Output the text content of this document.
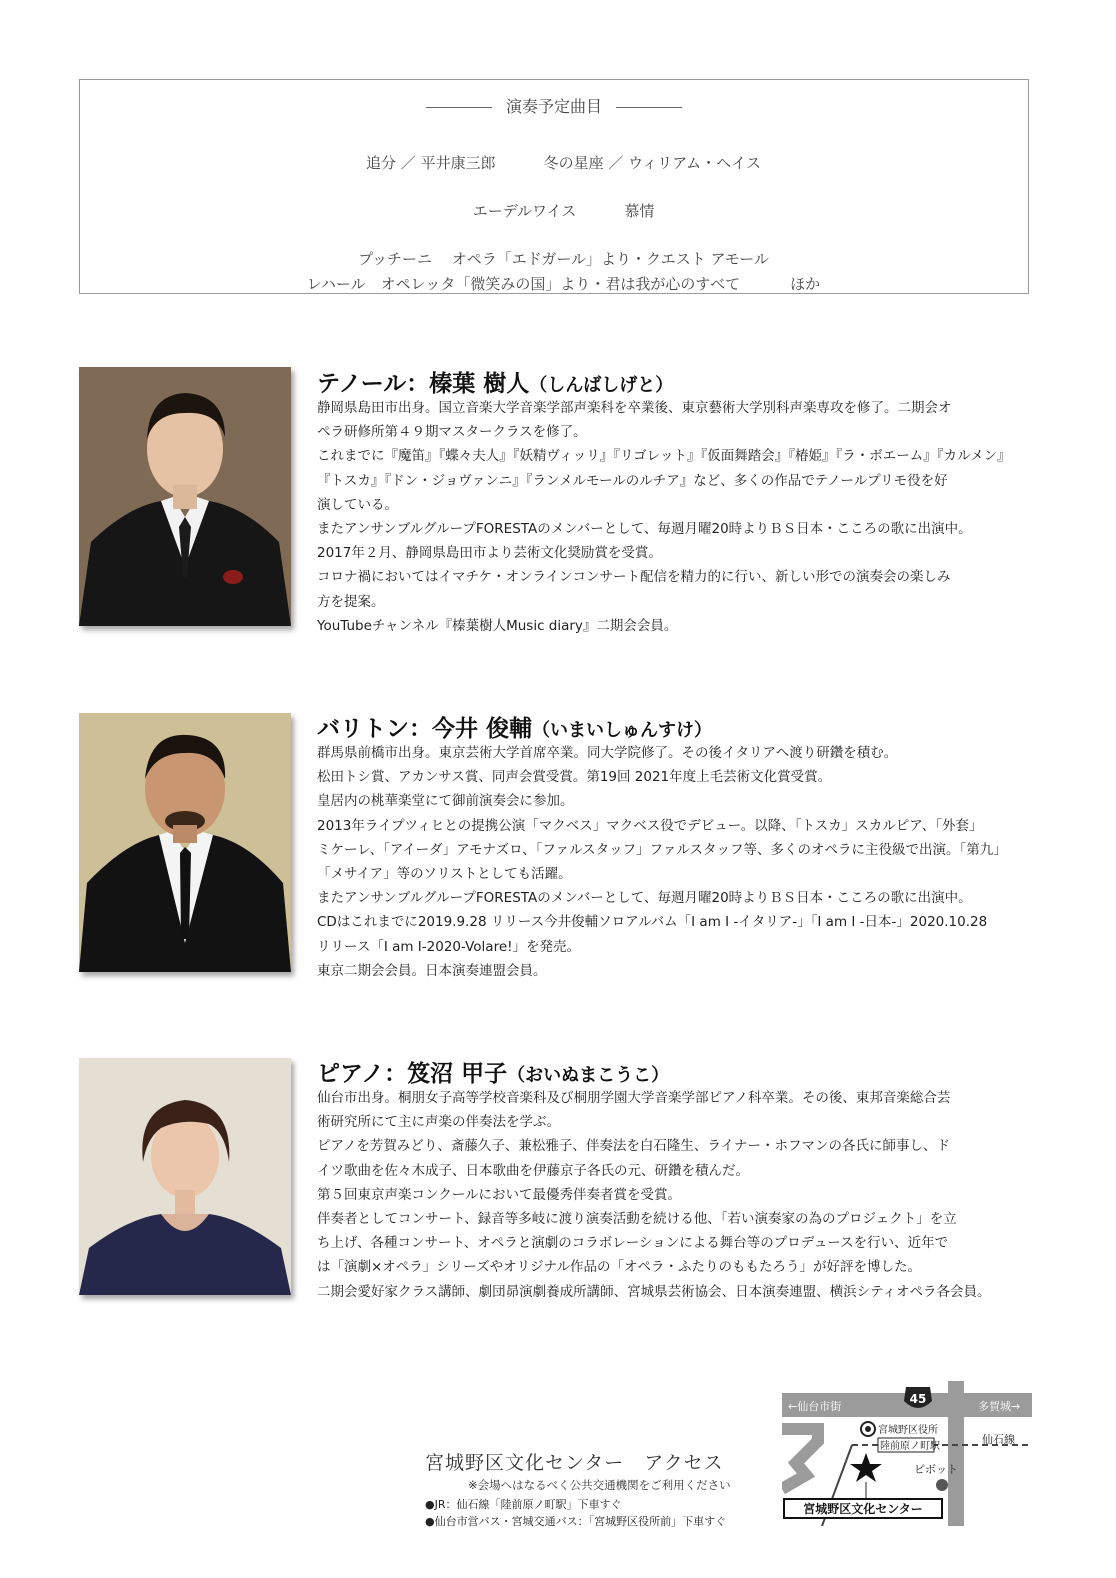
演奏予定曲目

追分 ／ 平井康三郎	冬の星座 ／ ウィリアム・ヘイス

エーデルワイス	慕情

プッチーニ　 オペラ「エドガール」より・クエスト アモール

レハール　オペレッタ「微笑みの国」より・君は我が心のすべて	ほか

テノール：榛葉 樹人（しんばしげと）
静岡県島田市出身。国立音楽大学音楽学部声楽科を卒業後、東京藝術大学別科声楽専攻を修了。二期会オ
ペラ研修所第４９期マスタークラスを修了。
これまでに『魔笛』『蝶々夫人』『妖精ヴィッリ』『リゴレット』『仮面舞踏会』『椿姫』『ラ・ボエーム』『カルメン』
『トスカ』『ドン・ジョヴァンニ』『ランメルモールのルチア』など、多くの作品でテノールプリモ役を好
演している。
またアンサンブルグループFORESTAのメンバーとして、毎週月曜20時よりＢＳ日本・こころの歌に出演中。
2017年２月、静岡県島田市より芸術文化奨励賞を受賞。
コロナ禍においてはイマチケ・オンラインコンサート配信を精力的に行い、新しい形での演奏会の楽しみ
方を提案。
YouTubeチャンネル『榛葉樹人Music diary』二期会会員。
バリトン：今井 俊輔（いまいしゅんすけ）
群馬県前橋市出身。東京芸術大学首席卒業。同大学院修了。その後イタリアへ渡り研鑽を積む。
松田トシ賞、アカンサス賞、同声会賞受賞。第19回 2021年度上毛芸術文化賞受賞。
皇居内の桃華楽堂にて御前演奏会に参加。
2013年ライプツィヒとの提携公演「マクベス」マクベス役でデビュー。以降、「トスカ」スカルピア、「外套」
ミケーレ、「アイーダ」アモナズロ、「ファルスタッフ」ファルスタッフ等、多くのオペラに主役級で出演。「第九」
「メサイア」等のソリストとしても活躍。
またアンサンブルグループFORESTAのメンバーとして、毎週月曜20時よりＢＳ日本・こころの歌に出演中。
CDはこれまでに2019.9.28 リリース今井俊輔ソロアルバム「I am I -イタリア-」「I am I -日本-」2020.10.28
リリース「I am I-2020-Volare!」を発売。
東京二期会会員。日本演奏連盟会員。
ピアノ：笈沼 甲子（おいぬまこうこ）
仙台市出身。桐朋女子高等学校音楽科及び桐朋学園大学音楽学部ピアノ科卒業。その後、東邦音楽総合芸
術研究所にて主に声楽の伴奏法を学ぶ。
ピアノを芳賀みどり、斎藤久子、兼松雅子、伴奏法を白石隆生、ライナー・ホフマンの各氏に師事し、ド
イツ歌曲を佐々木成子、日本歌曲を伊藤京子各氏の元、研鑽を積んだ。
第５回東京声楽コンクールにおいて最優秀伴奏者賞を受賞。
伴奏者としてコンサート、録音等多岐に渡り演奏活動を続ける他、「若い演奏家の為のプロジェクト」を立
ち上げ、各種コンサート、オペラと演劇のコラボレーションによる舞台等のプロデュースを行い、近年で
は「演劇×オペラ」シリーズやオリジナル作品の「オペラ・ふたりのももたろう」が好評を博した。
二期会愛好家クラス講師、劇団昴演劇養成所講師、宮城県芸術協会、日本演奏連盟、横浜シティオペラ各会員。
宮城野区文化センター　アクセス
※会場へはなるべく公共交通機関をご利用ください
●JR：仙石線「陸前原ノ町駅」下車すぐ
●仙台市営バス・宮城交通バス：「宮城野区役所前」下車すぐ
←仙台市街	多賀城→
45
宮城野区役所
陸前原ノ町駅
仙石線
ピボット
宮城野区文化センター
